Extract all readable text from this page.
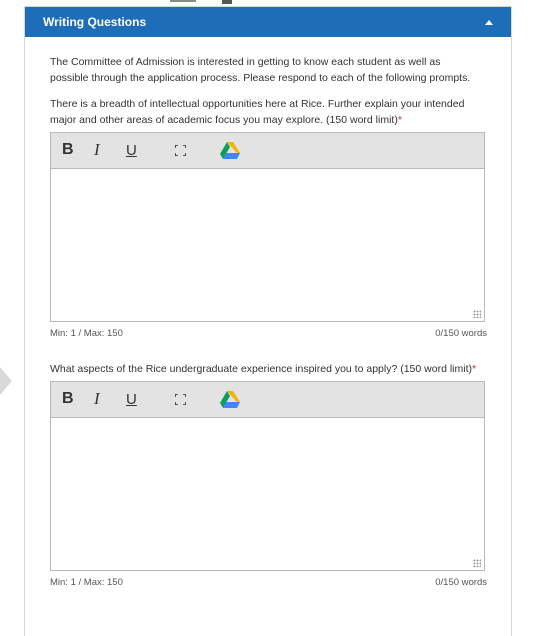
Writing Questions

The Committee of Admission is interested in getting to know each student as well as possible through the application process. Please respond to each of the following prompts.

There is a breadth of intellectual opportunities here at Rice. Further explain your intended major and other areas of academic focus you may explore. (150 word limit)*

B I U
Min: 1 / Max: 150	0/150 words

What aspects of the Rice undergraduate experience inspired you to apply? (150 word limit)*

B I U
Min: 1 / Max: 150	0/150 words
